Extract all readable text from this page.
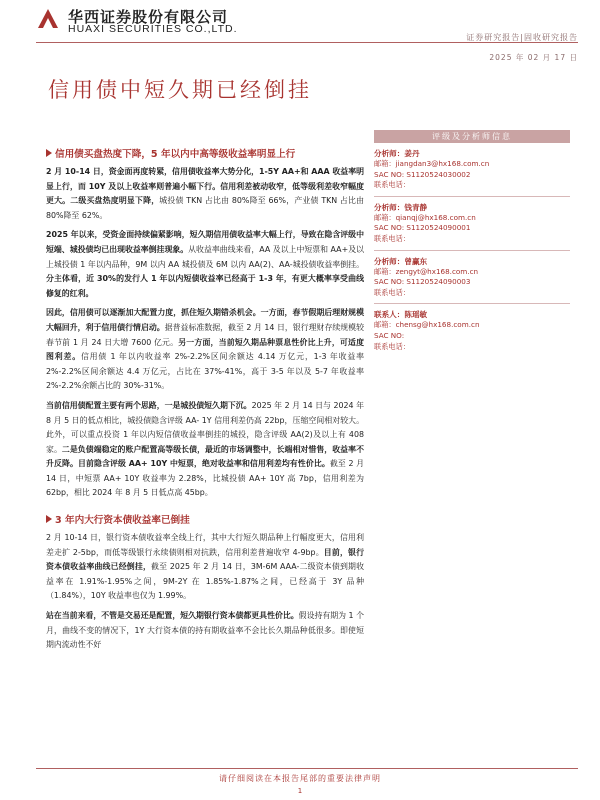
华西证券股份有限公司
HUAXI SECURITIES CO.,LTD.
证券研究报告|固收研究报告
2025 年 02 月 17 日
信用债中短久期已经倒挂
信用债买盘热度下降，5 年以内中高等级收益率明显上行
2 月 10-14 日，资金面再度转紧，信用债收益率大势分化，1-5Y AA+和 AAA 收益率明显上行，而 10Y 及以上收益率则普遍小幅下行。信用利差被动收窄，低等级利差收窄幅度更大。二级买盘热度明显下降，城投债 TKN 占比由 80%降至 66%，产业债 TKN 占比由 80%降至 62%。
2025 年以来，受资金面持续偏紧影响，短久期信用债收益率大幅上行，导致在隐含评级中短端、城投债均已出现收益率倒挂现象。从收益率曲线来看，AA 及以上中短票和 AA+及以上城投债 1 年以内品种，9M 以内 AA 城投债及 6M 以内 AA(2)、AA-城投债收益率倒挂。分主体看，近 30%的发行人 1 年以内短债收益率已经高于 1-3 年，有更大概率享受曲线修复的红利。
因此，信用债可以逐渐加大配置力度，抓住短久期错杀机会。一方面，春节假期后理财规模大幅回升，利于信用债行情启动。据普益标准数据，截至 2 月 14 日，银行理财存续规模较春节前 1 月 24 日大增 7600 亿元。另一方面，当前短久期品种票息性价比上升，可适度图利差。信用债 1 年以内收益率 2%-2.2%区间余额达 4.14 万亿元，1-3 年收益率 2%-2.2%区间余额达 4.4 万亿元，占比在 37%-41%，高于 3-5 年以及 5-7 年收益率 2%-2.2%余额占比的 30%-31%。
当前信用债配置主要有两个思路，一是城投债短久期下沉。2025 年 2 月 14 日与 2024 年 8 月 5 日的低点相比，城投债隐含评级 AA- 1Y 信用利差仍高 22bp，压缩空间相对较大。此外，可以重点投资 1 年以内短信债收益率倒挂的城投，隐含评级 AA(2)及以上有 408 家。二是负债端稳定的账户配置高等级长债，最近的市场调整中，长端相对惜售，收益率不升反降。目前隐含评级 AA+ 10Y 中短票，绝对收益率和信用利差均有性价比。截至 2 月 14 日，中短票 AA+ 10Y 收益率为 2.28%，比城投债 AA+ 10Y 高 7bp，信用利差为 62bp，相比 2024 年 8 月 5 日低点高 45bp。
3 年内大行资本债收益率已倒挂
2 月 10-14 日，银行资本债收益率全线上行，其中大行短久期品种上行幅度更大，信用利差走扩 2-5bp，而低等级银行永续债则相对抗跌，信用利差普遍收窄 4-9bp。目前，银行资本债收益率曲线已经倒挂，截至 2025 年 2 月 14 日，3M-6M AAA-二级资本债到期收益率在 1.91%-1.95%之间，9M-2Y 在 1.85%-1.87%之间，已经高于 3Y 品种（1.84%），10Y 收益率也仅为 1.99%。
站在当前来看，不管是交易还是配置，短久期银行资本债都更具性价比。假设持有期为 1 个月，曲线不变的情况下，1Y 大行资本债的持有期收益率不会比长久期品种低很多。即使短期内流动性不好
评级及分析师信息
分析师：姜丹
邮箱：jiangdan3@hx168.com.cn
SAC NO: S1120524030002
联系电话：
分析师：钱青静
邮箱：qianqj@hx168.com.cn
SAC NO: S1120524090001
联系电话：
分析师：曾赢东
邮箱：zengyt@hx168.com.cn
SAC NO: S1120524090003
联系电话：
联系人：陈瑶敏
邮箱：chensg@hx168.com.cn
SAC NO:
联系电话：
请仔细阅读在本报告尾部的重要法律声明
1
